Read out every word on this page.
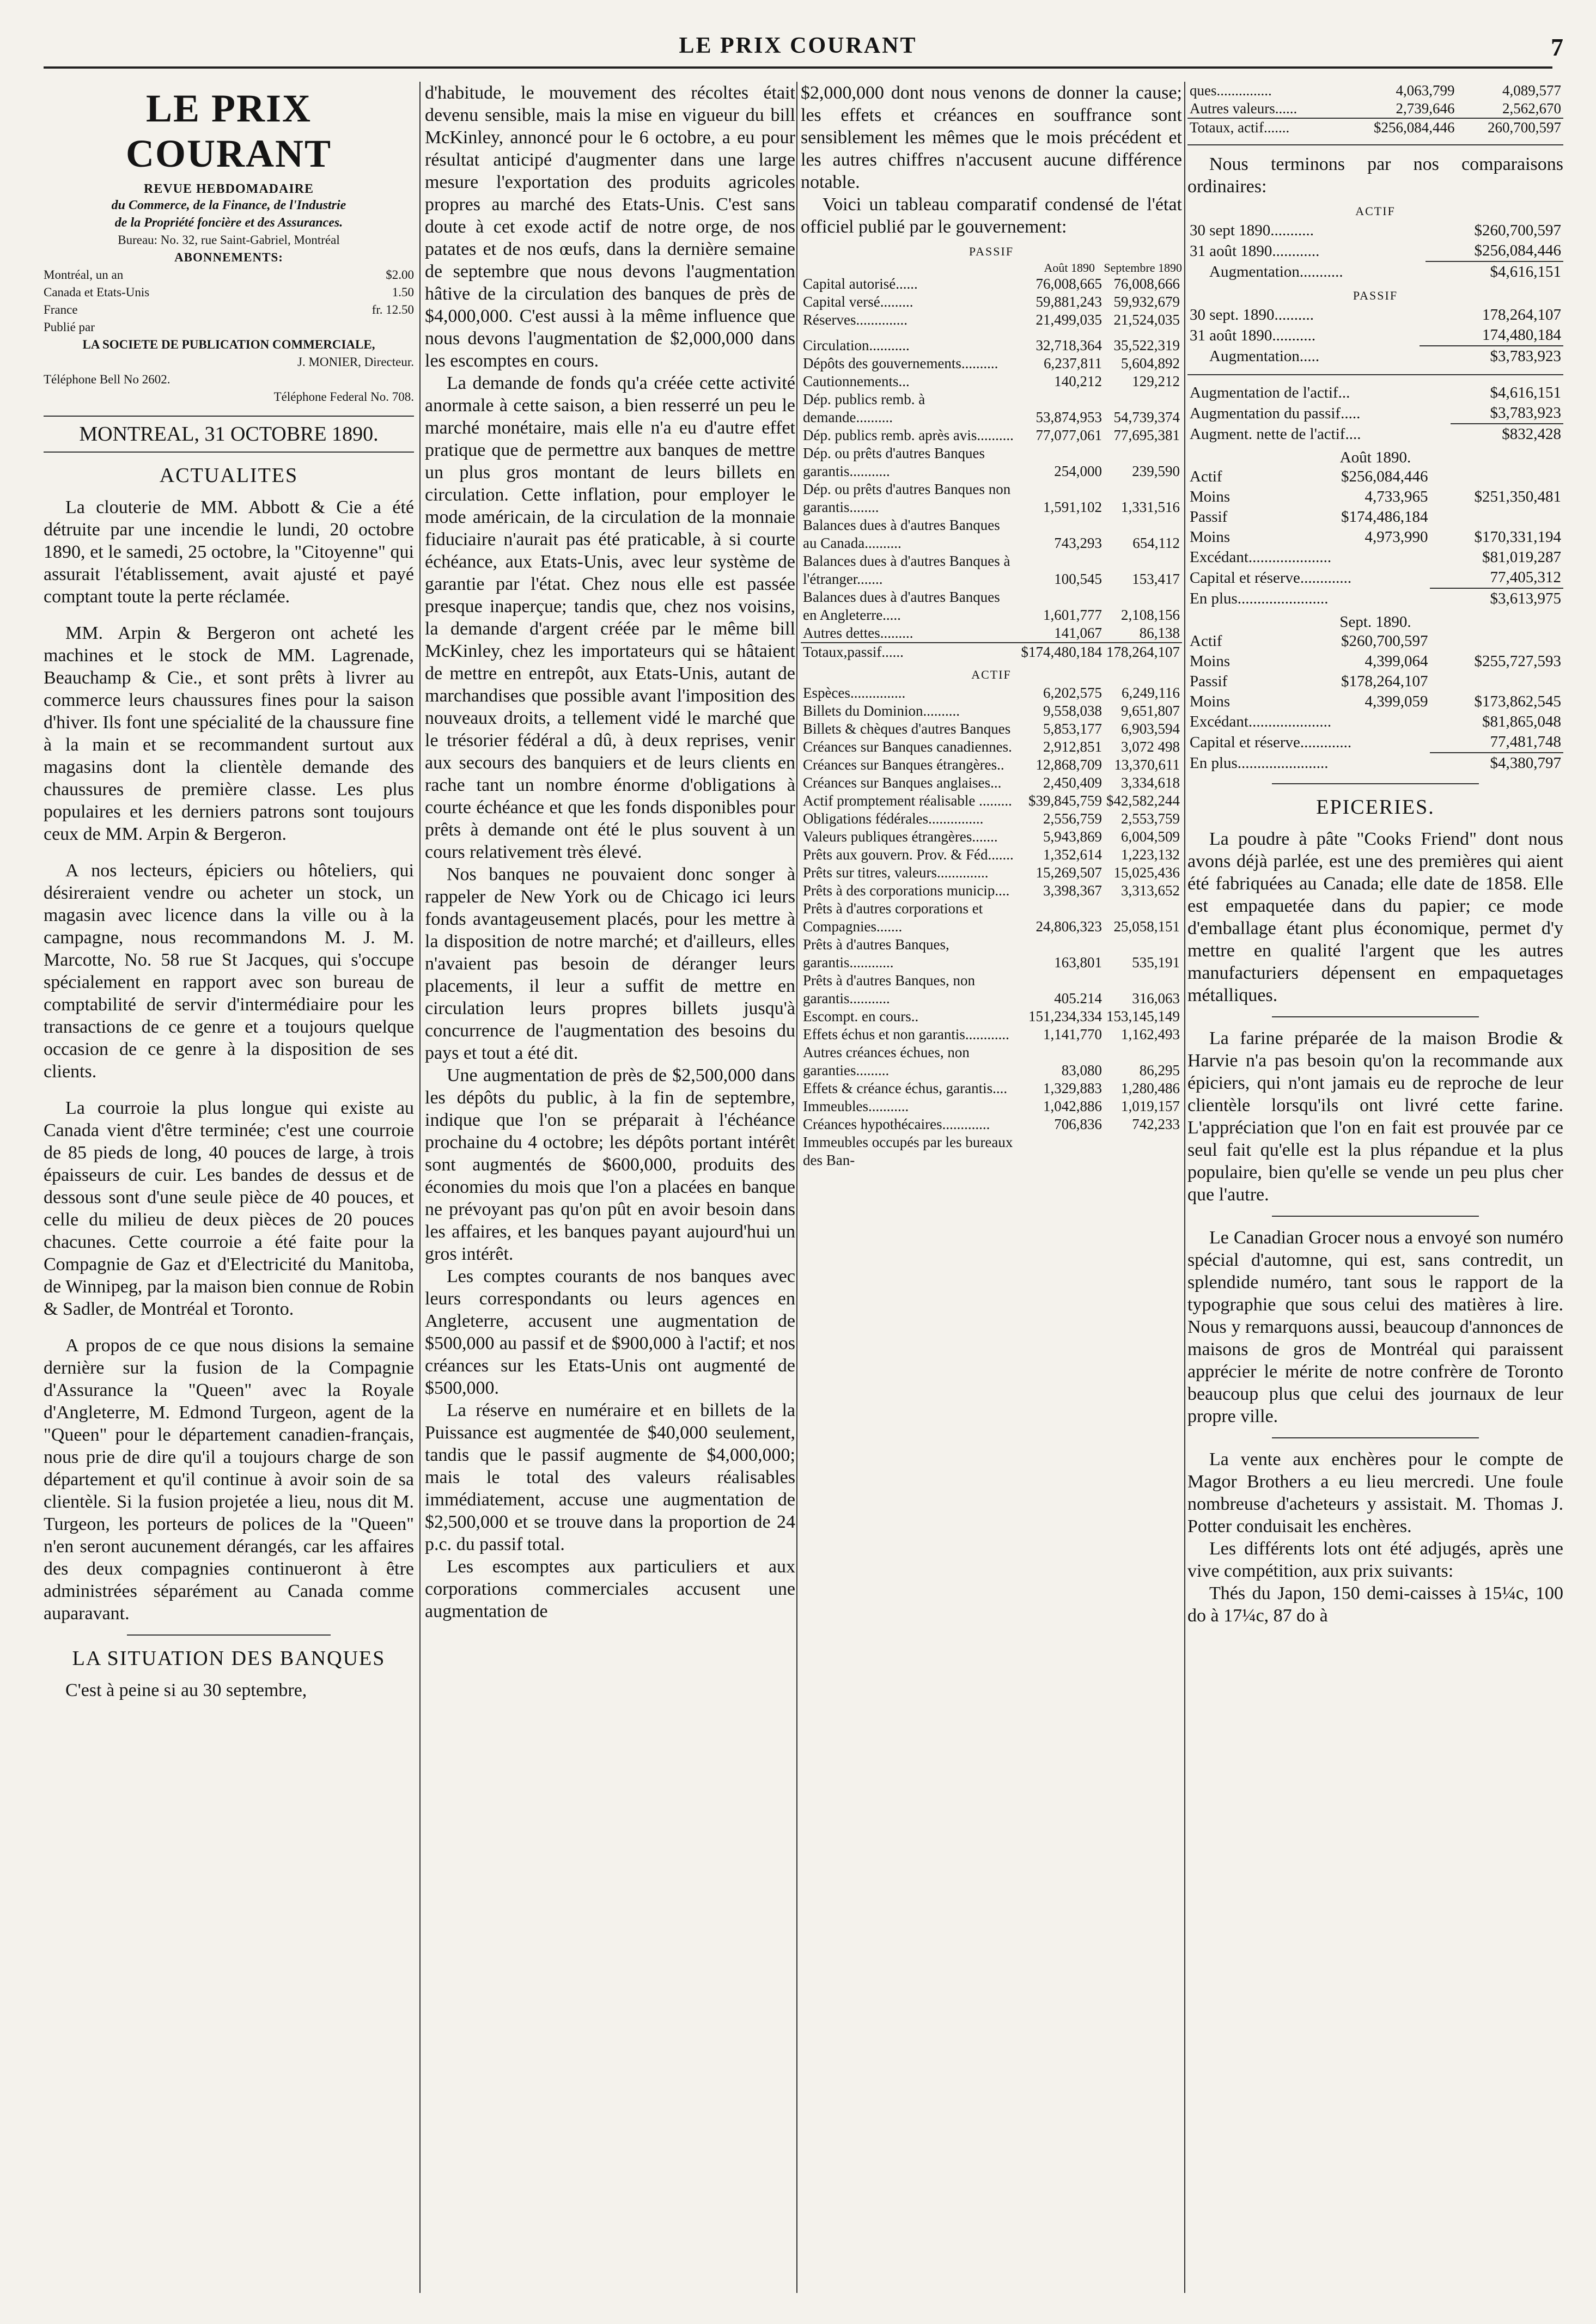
LE PRIX COURANT	7
LE PRIX COURANT
REVUE HEBDOMADAIRE
du Commerce, de la Finance, de l'Industrie
de la Propriété foncière et des Assurances.
Bureau: No. 32, rue Saint-Gabriel, Montréal
ABONNEMENTS:
Montréal, un an	$2.00
Canada et Etats-Unis	1.50
France	fr. 12.50
Publié par
LA SOCIETE DE PUBLICATION COMMERCIALE,
J. MONIER, Directeur.
Téléphone Bell No 2602.
Téléphone Federal No. 708.
MONTREAL, 31 OCTOBRE 1890.
ACTUALITES

La clouterie de MM. Abbott & Cie a été détruite par une incendie le lundi, 20 octobre 1890, et le samedi, 25 octobre, la "Citoyenne" qui assurait l'établissement, avait ajusté et payé comptant toute la perte réclamée.

MM. Arpin & Bergeron ont acheté les machines et le stock de MM. Lagrenade, Beauchamp & Cie., et sont prêts à livrer au commerce leurs chaussures fines pour la saison d'hiver. Ils font une spécialité de la chaussure fine à la main et se recommandent surtout aux magasins dont la clientèle demande des chaussures de première classe. Les plus populaires et les derniers patrons sont toujours ceux de MM. Arpin & Bergeron.

A nos lecteurs, épiciers ou hôteliers, qui désireraient vendre ou acheter un stock, un magasin avec licence dans la ville ou à la campagne, nous recommandons M. J. M. Marcotte, No. 58 rue St Jacques, qui s'occupe spécialement en rapport avec son bureau de comptabilité de servir d'intermédiaire pour les transactions de ce genre et a toujours quelque occasion de ce genre à la disposition de ses clients.

La courroie la plus longue qui existe au Canada vient d'être terminée; c'est une courroie de 85 pieds de long, 40 pouces de large, à trois épaisseurs de cuir. Les bandes de dessus et de dessous sont d'une seule pièce de 40 pouces, et celle du milieu de deux pièces de 20 pouces chacunes. Cette courroie a été faite pour la Compagnie de Gaz et d'Electricité du Manitoba, de Winnipeg, par la maison bien connue de Robin & Sadler, de Montréal et Toronto.

A propos de ce que nous disions la semaine dernière sur la fusion de la Compagnie d'Assurance la "Queen" avec la Royale d'Angleterre, M. Edmond Turgeon, agent de la "Queen" pour le département canadien-français, nous prie de dire qu'il a toujours charge de son département et qu'il continue à avoir soin de sa clientèle. Si la fusion projetée a lieu, nous dit M. Turgeon, les porteurs de polices de la "Queen" n'en seront aucunement dérangés, car les affaires des deux compagnies continueront à être administrées séparément au Canada comme auparavant.

LA SITUATION DES BANQUES

C'est à peine si au 30 septembre,

d'habitude, le mouvement des récoltes était devenu sensible, mais la mise en vigueur du bill McKinley, annoncé pour le 6 octobre, a eu pour résultat anticipé d'augmenter dans une large mesure l'exportation des produits agricoles propres au marché des Etats-Unis. C'est sans doute à cet exode actif de notre orge, de nos patates et de nos œufs, dans la dernière semaine de septembre que nous devons l'augmentation hâtive de la circulation des banques de près de $4,000,000. C'est aussi à la même influence que nous devons l'augmentation de $2,000,000 dans les escomptes en cours.

La demande de fonds qu'a créée cette activité anormale à cette saison, a bien resserré un peu le marché monétaire, mais elle n'a eu d'autre effet pratique que de permettre aux banques de mettre un plus gros montant de leurs billets en circulation. Cette inflation, pour employer le mode américain, de la circulation de la monnaie fiduciaire n'aurait pas été praticable, à si courte échéance, aux Etats-Unis, avec leur système de garantie par l'état. Chez nous elle est passée presque inaperçue; tandis que, chez nos voisins, la demande d'argent créée par le même bill McKinley, chez les importateurs qui se hâtaient de mettre en entrepôt, aux Etats-Unis, autant de marchandises que possible avant l'imposition des nouveaux droits, a tellement vidé le marché que le trésorier fédéral a dû, à deux reprises, venir aux secours des banquiers et de leurs clients en rache tant un nombre énorme d'obligations à courte échéance et que les fonds disponibles pour prêts à demande ont été le plus souvent à un cours relativement très élevé.

Nos banques ne pouvaient donc songer à rappeler de New York ou de Chicago ici leurs fonds avantageusement placés, pour les mettre à la disposition de notre marché; et d'ailleurs, elles n'avaient pas besoin de déranger leurs placements, il leur a suffit de mettre en circulation leurs propres billets jusqu'à concurrence de l'augmentation des besoins du pays et tout a été dit.

Une augmentation de près de $2,500,000 dans les dépôts du public, à la fin de septembre, indique que l'on se préparait à l'échéance prochaine du 4 octobre; les dépôts portant intérêt sont augmentés de $600,000, produits des économies du mois que l'on a placées en banque ne prévoyant pas qu'on pût en avoir besoin dans les affaires, et les banques payant aujourd'hui un gros intérêt.

Les comptes courants de nos banques avec leurs correspondants ou leurs agences en Angleterre, accusent une augmentation de $500,000 au passif et de $900,000 à l'actif; et nos créances sur les Etats-Unis ont augmenté de $500,000.

La réserve en numéraire et en billets de la Puissance est augmentée de $40,000 seulement, tandis que le passif augmente de $4,000,000; mais le total des valeurs réalisables immédiatement, accuse une augmentation de $2,500,000 et se trouve dans la proportion de 24 p.c. du passif total.

Les escomptes aux particuliers et aux corporations commerciales accusent une augmentation de

$2,000,000 dont nous venons de donner la cause; les effets et créances en souffrance sont sensiblement les mêmes que le mois précédent et les autres chiffres n'accusent aucune différence notable.

Voici un tableau comparatif condensé de l'état officiel publié par le gouvernement:

PASSIF
Août 1890 Septembre 1890
Capital autorisé......	76,008,665	76,008,666
Capital versé.........	59,881,243	59,932,679
Réserves..............	21,499,035	21,524,035

Circulation...........	32,718,364	35,522,319
Dépôts des gouvernements..........	6,237,811	5,604,892
Cautionnements...	140,212	129,212
Dép. publics remb. à demande..........	53,874,953	54,739,374
Dép. publics remb. après avis..........	77,077,061	77,695,381
Dép. ou prêts d'autres Banques garantis...........	254,000	239,590
Dép. ou prêts d'autres Banques non garantis........	1,591,102	1,331,516
Balances dues à d'autres Banques au Canada..........	743,293	654,112
Balances dues à d'autres Banques à l'étranger.......	100,545	153,417
Balances dues à d'autres Banques en Angleterre.....	1,601,777	2,108,156
Autres dettes.........	141,067	86,138
Totaux,passif......	$174,480,184	178,264,107
ACTIF
Espèces...............	6,202,575	6,249,116
Billets du Dominion..........	9,558,038	9,651,807
Billets & chèques d'autres Banques	5,853,177	6,903,594
Créances sur Banques canadiennes.	2,912,851	3,072 498
Créances sur Banques étrangères..	12,868,709	13,370,611
Créances sur Banques anglaises...	2,450,409	3,334,618
Actif promptement réalisable .........	$39,845,759	$42,582,244
Obligations fédérales...............	2,556,759	2,553,759
Valeurs publiques étrangères.......	5,943,869	6,004,509
Prêts aux gouvern. Prov. & Féd.......	1,352,614	1,223,132
Prêts sur titres, valeurs..............	15,269,507	15,025,436
Prêts à des corporations municip....	3,398,367	3,313,652
Prêts à d'autres corporations et Compagnies.......	24,806,323	25,058,151
Prêts à d'autres Banques, garantis............	163,801	535,191
Prêts à d'autres Banques, non garantis...........	405.214	316,063
Escompt. en cours..	151,234,334	153,145,149
Effets échus et non garantis............	1,141,770	1,162,493
Autres créances échues, non garanties.........	83,080	86,295
Effets & créance échus, garantis....	1,329,883	1,280,486
Immeubles...........	1,042,886	1,019,157
Créances hypothécaires.............	706,836	742,233
Immeubles occupés par les bureaux des Ban-		
ques...............	4,063,799	4,089,577
Autres valeurs......	2,739,646	2,562,670
Totaux, actif.......	$256,084,446	260,700,597

Nous terminons par nos comparaisons ordinaires:

ACTIF
30 sept 1890...........	$260,700,597
31 août 1890............	$256,084,446
Augmentation...........	$4,616,151
PASSIF
30 sept. 1890..........	178,264,107
31 août 1890...........	174,480,184
Augmentation.....	$3,783,923
Augmentation de l'actif...	$4,616,151
Augmentation du passif.....	$3,783,923
Augment. nette de l'actif....	$832,428
Août 1890.
Actif	$256,084,446	
Moins	4,733,965	$251,350,481
Passif	$174,486,184	
Moins	4,973,990	$170,331,194
Excédant.....................		$81,019,287
Capital et réserve.............		77,405,312
En plus.......................		$3,613,975
Sept. 1890.
Actif	$260,700,597	
Moins	4,399,064	$255,727,593
Passif	$178,264,107	
Moins	4,399,059	$173,862,545
Excédant.....................		$81,865,048
Capital et réserve.............		77,481,748
En plus.......................		$4,380,797
EPICERIES.

La poudre à pâte "Cooks Friend" dont nous avons déjà parlée, est une des premières qui aient été fabriquées au Canada; elle date de 1858. Elle est empaquetée dans du papier; ce mode d'emballage étant plus économique, permet d'y mettre en qualité l'argent que les autres manufacturiers dépensent en empaquetages métalliques.

La farine préparée de la maison Brodie & Harvie n'a pas besoin qu'on la recommande aux épiciers, qui n'ont jamais eu de reproche de leur clientèle lorsqu'ils ont livré cette farine. L'appréciation que l'on en fait est prouvée par ce seul fait qu'elle est la plus répandue et la plus populaire, bien qu'elle se vende un peu plus cher que l'autre.

Le Canadian Grocer nous a envoyé son numéro spécial d'automne, qui est, sans contredit, un splendide numéro, tant sous le rapport de la typographie que sous celui des matières à lire. Nous y remarquons aussi, beaucoup d'annonces de maisons de gros de Montréal qui paraissent apprécier le mérite de notre confrère de Toronto beaucoup plus que celui des journaux de leur propre ville.

La vente aux enchères pour le compte de Magor Brothers a eu lieu mercredi. Une foule nombreuse d'acheteurs y assistait. M. Thomas J. Potter conduisait les enchères.

Les différents lots ont été adjugés, après une vive compétition, aux prix suivants:

Thés du Japon, 150 demi-caisses à 15¼c, 100 do à 17¼c, 87 do à
